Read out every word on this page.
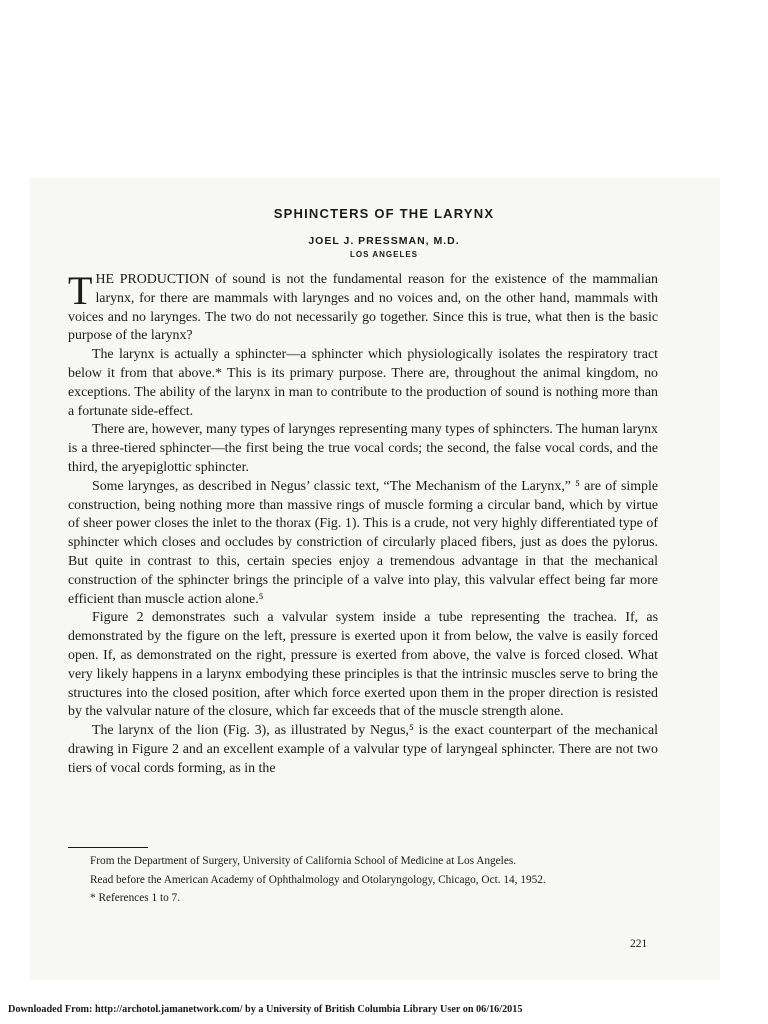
SPHINCTERS OF THE LARYNX
JOEL J. PRESSMAN, M.D.
LOS ANGELES

THE PRODUCTION of sound is not the fundamental reason for the existence of the mammalian larynx, for there are mammals with larynges and no voices and, on the other hand, mammals with voices and no larynges. The two do not necessarily go together. Since this is true, what then is the basic purpose of the larynx?

The larynx is actually a sphincter—a sphincter which physiologically isolates the respiratory tract below it from that above.* This is its primary purpose. There are, throughout the animal kingdom, no exceptions. The ability of the larynx in man to contribute to the production of sound is nothing more than a fortunate side-effect.

There are, however, many types of larynges representing many types of sphincters. The human larynx is a three-tiered sphincter—the first being the true vocal cords; the second, the false vocal cords, and the third, the aryepiglottic sphincter.

Some larynges, as described in Negus’ classic text, “The Mechanism of the Larynx,” ⁵ are of simple construction, being nothing more than massive rings of muscle forming a circular band, which by virtue of sheer power closes the inlet to the thorax (Fig. 1). This is a crude, not very highly differentiated type of sphincter which closes and occludes by constriction of circularly placed fibers, just as does the pylorus. But quite in contrast to this, certain species enjoy a tremendous advantage in that the mechanical construction of the sphincter brings the principle of a valve into play, this valvular effect being far more efficient than muscle action alone.⁵

Figure 2 demonstrates such a valvular system inside a tube representing the trachea. If, as demonstrated by the figure on the left, pressure is exerted upon it from below, the valve is easily forced open. If, as demonstrated on the right, pressure is exerted from above, the valve is forced closed. What very likely happens in a larynx embodying these principles is that the intrinsic muscles serve to bring the structures into the closed position, after which force exerted upon them in the proper direction is resisted by the valvular nature of the closure, which far exceeds that of the muscle strength alone.

The larynx of the lion (Fig. 3), as illustrated by Negus,⁵ is the exact counterpart of the mechanical drawing in Figure 2 and an excellent example of a valvular type of laryngeal sphincter. There are not two tiers of vocal cords forming, as in the

From the Department of Surgery, University of California School of Medicine at Los Angeles.

Read before the American Academy of Ophthalmology and Otolaryngology, Chicago, Oct. 14, 1952.

* References 1 to 7.

221
Downloaded From: http://archotol.jamanetwork.com/ by a University of British Columbia Library User on 06/16/2015
